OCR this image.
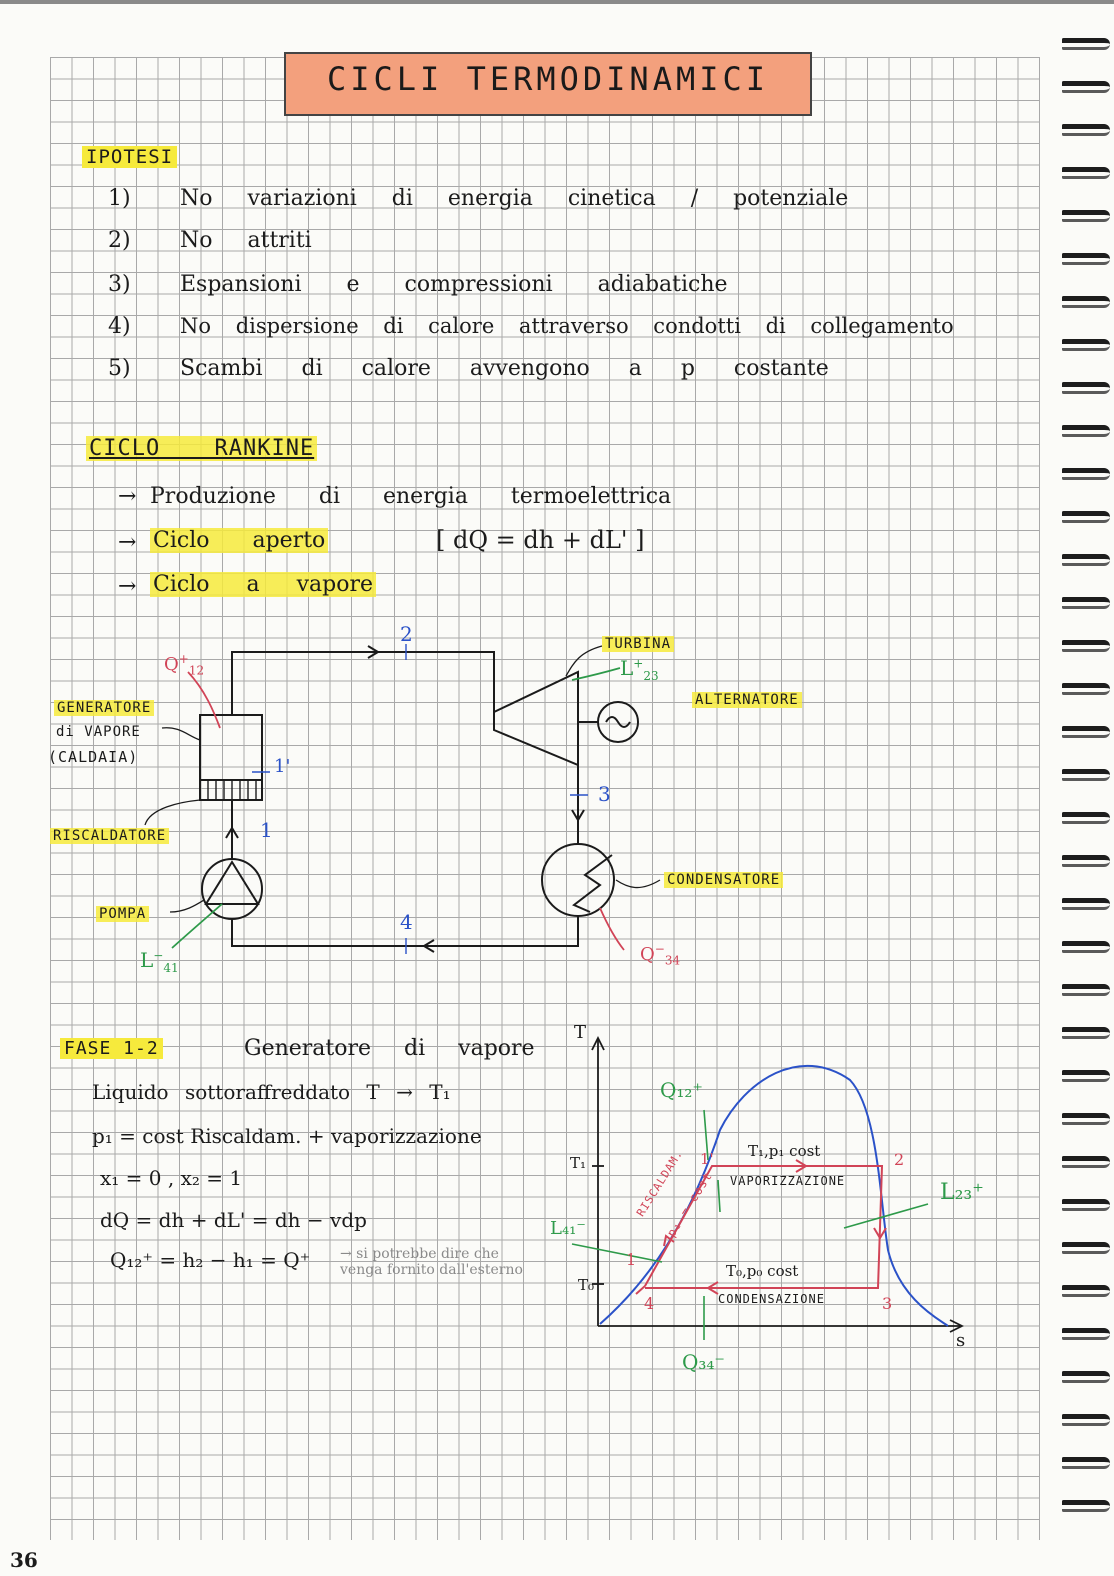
CICLI TERMODINAMICI
IPOTESI
1) No variazioni di energia cinetica / potenziale
2) No attriti
3) Espansioni e compressioni adiabatiche
4) No dispersione di calore attraverso condotti di collegamento
5) Scambi di calore avvengono a p costante
CICLO RANKINE
→ Produzione di energia termoelettrica
→ Ciclo aperto	[ dQ = dh + dL' ]
→ Ciclo a vapore
GENERATORE
di VAPORE
(CALDAIA)
RISCALDATORE
POMPA
TURBINA
ALTERNATORE
CONDENSATORE
$Q^+_{12}$	$L^+_{23}$
$L^-_{41}$
$Q^-_{34}$
1
1'
2
3
4
FASE 1-2	Generatore di vapore
Liquido sottoraffreddato T → T₁
p₁ = cost Riscaldam. + vaporizzazione
x₁ = 0 , x₂ = 1
dQ = dh + dL' = dh − vdp
Q₁₂⁺ = h₂ − h₁ = Q⁺ → si potrebbe dire che venga fornito dall'esterno
T
s
T₁
T₀
T₁,p₁ cost
VAPORIZZAZIONE
T₀,p₀ cost
CONDENSAZIONE
RISCALDAM.
p₁ = cost
1'
1
2
3
4
Q₁₂⁺
L₂₃⁺
L₄₁⁻
Q₃₄⁻
36
